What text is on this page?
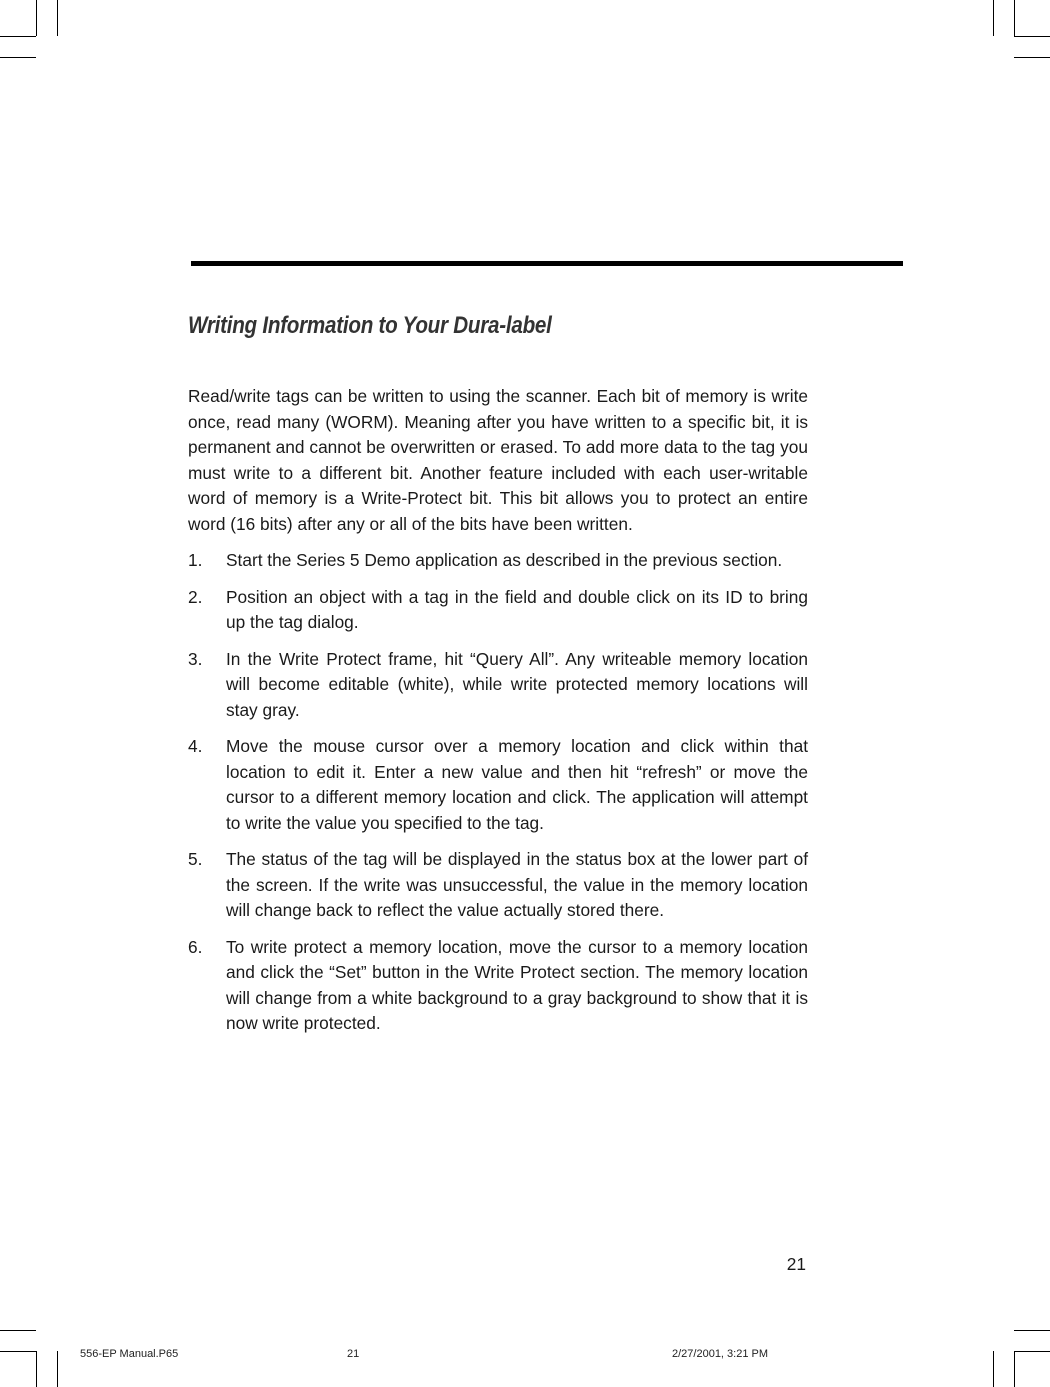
Writing Information to Your Dura-label

Read/write tags can be written to using the scanner. Each bit of memory is write once, read many (WORM). Meaning after you have written to a specific bit, it is permanent and cannot be overwritten or erased. To add more data to the tag you must write to a different bit. Another feature included with each user-writable word of memory is a Write-Protect bit. This bit allows you to protect an entire word (16 bits) after any or all of the bits have been written.

1. Start the Series 5 Demo application as described in the previous section.
2. Position an object with a tag in the field and double click on its ID to bring up the tag dialog.
3. In the Write Protect frame, hit “Query All”. Any writeable memory location will become editable (white), while write protected memory locations will stay gray.
4. Move the mouse cursor over a memory location and click within that location to edit it. Enter a new value and then hit “refresh” or move the cursor to a different memory location and click. The application will attempt to write the value you specified to the tag.
5. The status of the tag will be displayed in the status box at the lower part of the screen. If the write was unsuccessful, the value in the memory location will change back to reflect the value actually stored there.
6. To write protect a memory location, move the cursor to a memory location and click the “Set” button in the Write Protect section. The memory location will change from a white background to a gray background to show that it is now write protected.
21
556-EP Manual.P65	21	2/27/2001, 3:21 PM
